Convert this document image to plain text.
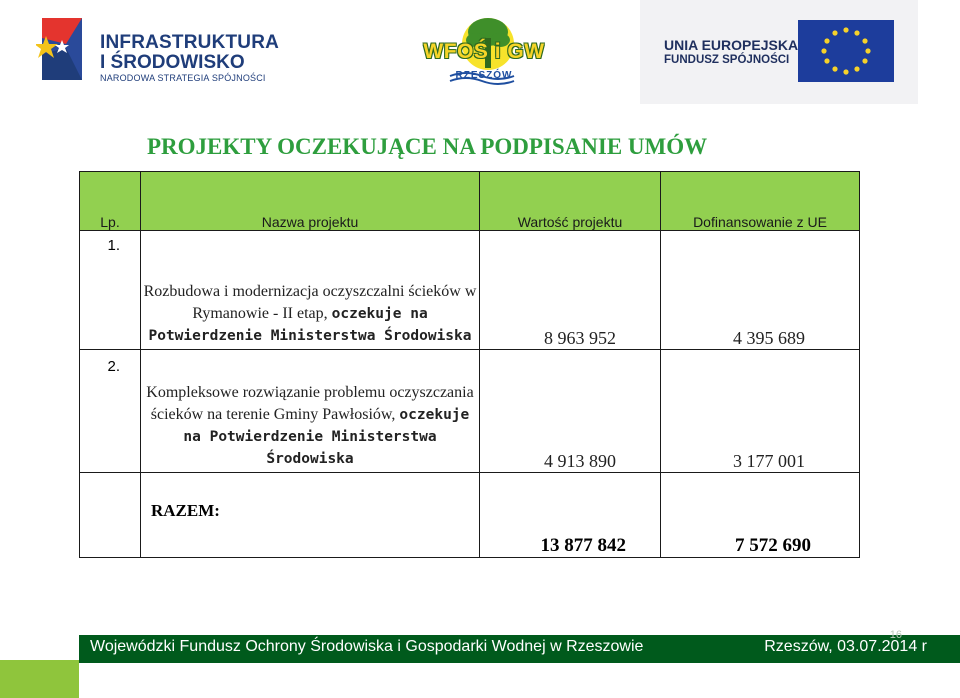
INFRASTRUKTURA
I ŚRODOWISKO
NARODOWA STRATEGIA SPÓJNOŚCI
WFOŚ i GW
RZESZÓW
UNIA EUROPEJSKA
FUNDUSZ SPÓJNOŚCI
PROJEKTY OCZEKUJĄCE NA PODPISANIE UMÓW
Lp.	Nazwa projektu	Wartość projektu	Dofinansowanie z UE
1.	Rozbudowa i modernizacja oczyszczalni ścieków w Rymanowie - II etap, oczekuje na Potwierdzenie Ministerstwa Środowiska	8 963 952	4 395 689
2.	Kompleksowe rozwiązanie problemu oczyszczania ścieków na terenie Gminy Pawłosiów, oczekuje na Potwierdzenie Ministerstwa Środowiska	4 913 890	3 177 001
	RAZEM:	13 877 842	7 572 690
Wojewódzki Fundusz Ochrony Środowiska i Gospodarki Wodnej w Rzeszowie
16
Rzeszów, 03.07.2014 r
